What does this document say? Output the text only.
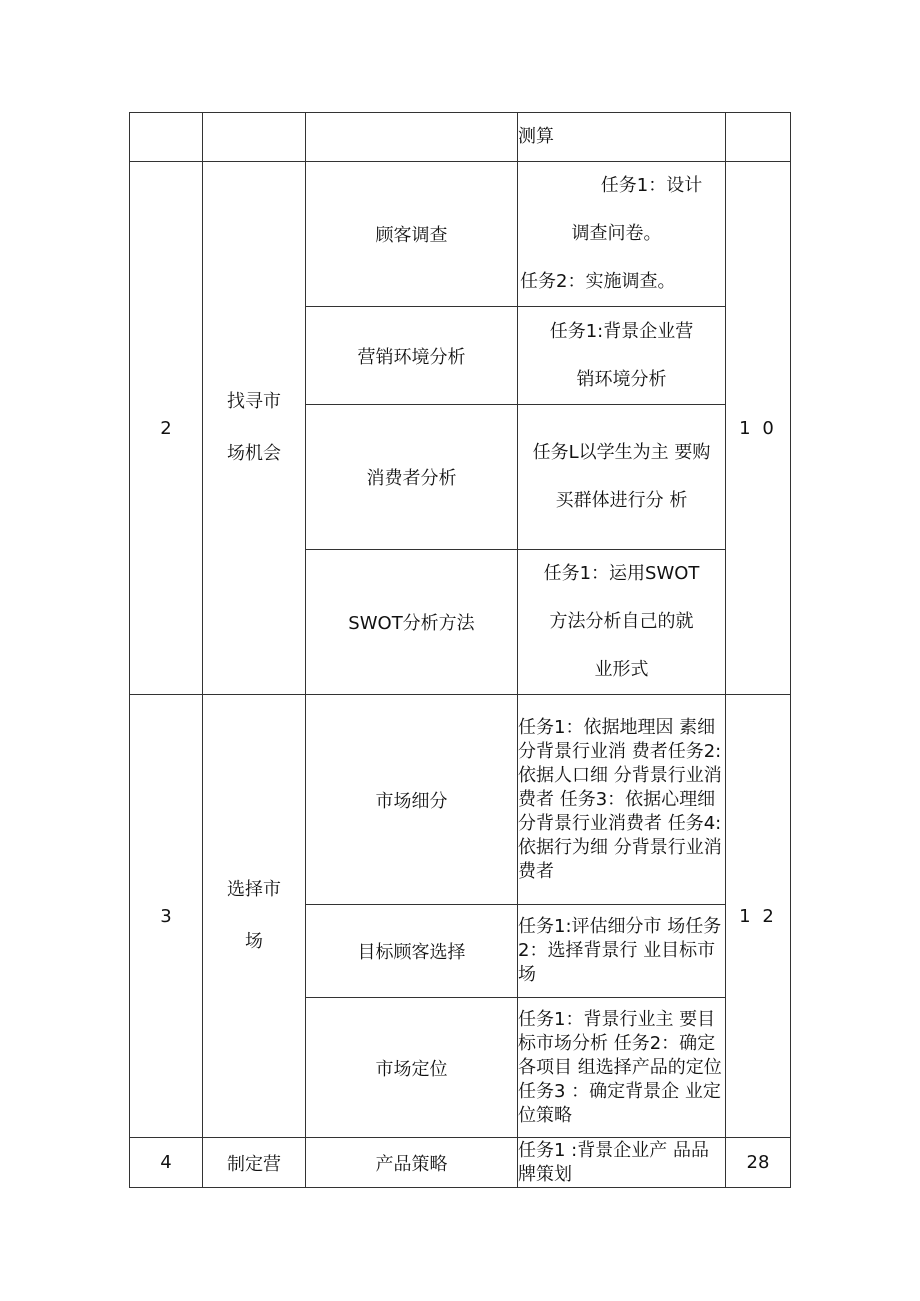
			测算	
2	找寻市
场机会	顾客调查	任务1：设计
调查问卷。
任务2：实施调查。	1 0
		营销环境分析	任务1:背景企业营
销环境分析	

		消费者分析	任务L以学生为主 要购
买群体进行分 析	

		SWOT分析方法	任务1：运用SWOT
方法分析自己的就
业形式	

3	选择市
场	市场细分	任务1：依据地理因 素细分背景行业消 费者任务2:依据人口细 分背景行业消费者 任务3：依据心理细 分背景行业消费者 任务4:依据行为细 分背景行业消费者	1 2
		目标顾客选择	任务1:评估细分市 场任务2：选择背景行 业目标市场	
		市场定位	任务1：背景行业主 要目标市场分析 任务2：确定各项目 组选择产品的定位 任务3 ：确定背景企 业定位策略	
4	制定营	产品策略	任务1 :背景企业产 品品牌策划	28
